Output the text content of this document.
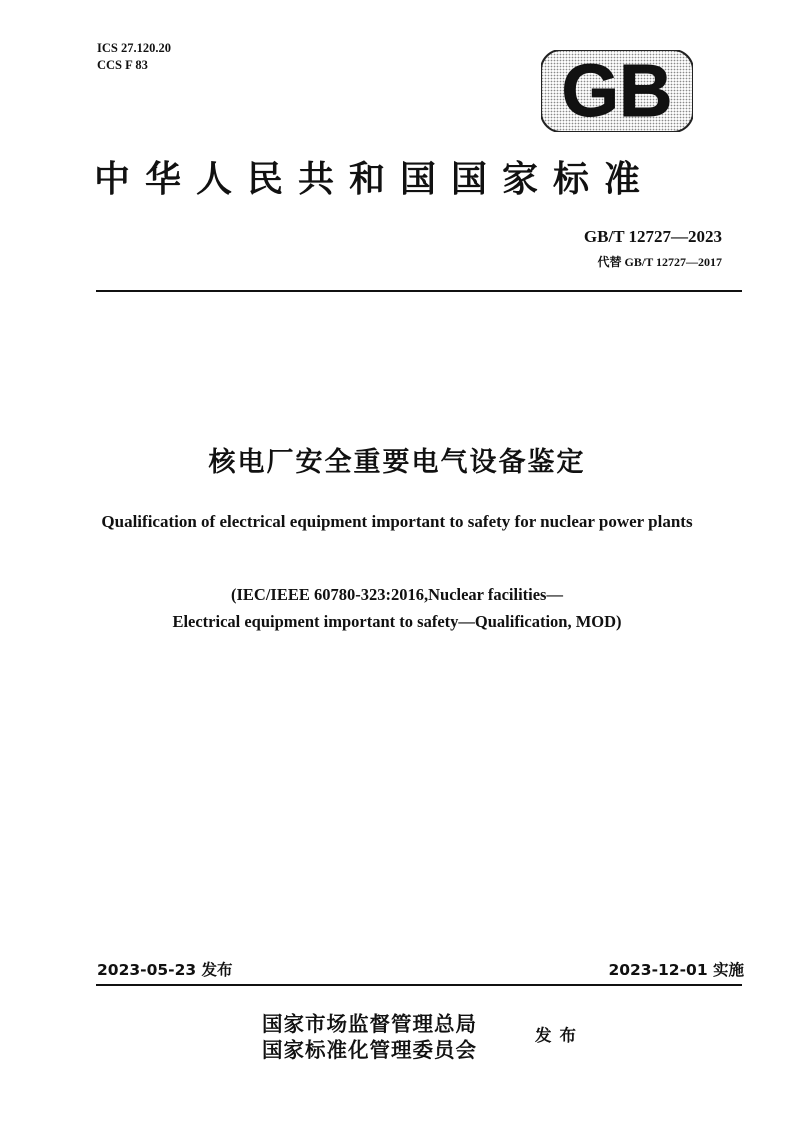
ICS 27.120.20
CCS F 83	GB
中华人民共和国国家标准
GB/T 12727—2023
代替 GB/T 12727—2017
核电厂安全重要电气设备鉴定
Qualification of electrical equipment important to safety for nuclear power plants
(IEC/IEEE 60780-323:2016,Nuclear facilities—
Electrical equipment important to safety—Qualification, MOD)
2023-05-23 发布	2023-12-01 实施
国家市场监督管理总局
国家标准化管理委员会
发布
